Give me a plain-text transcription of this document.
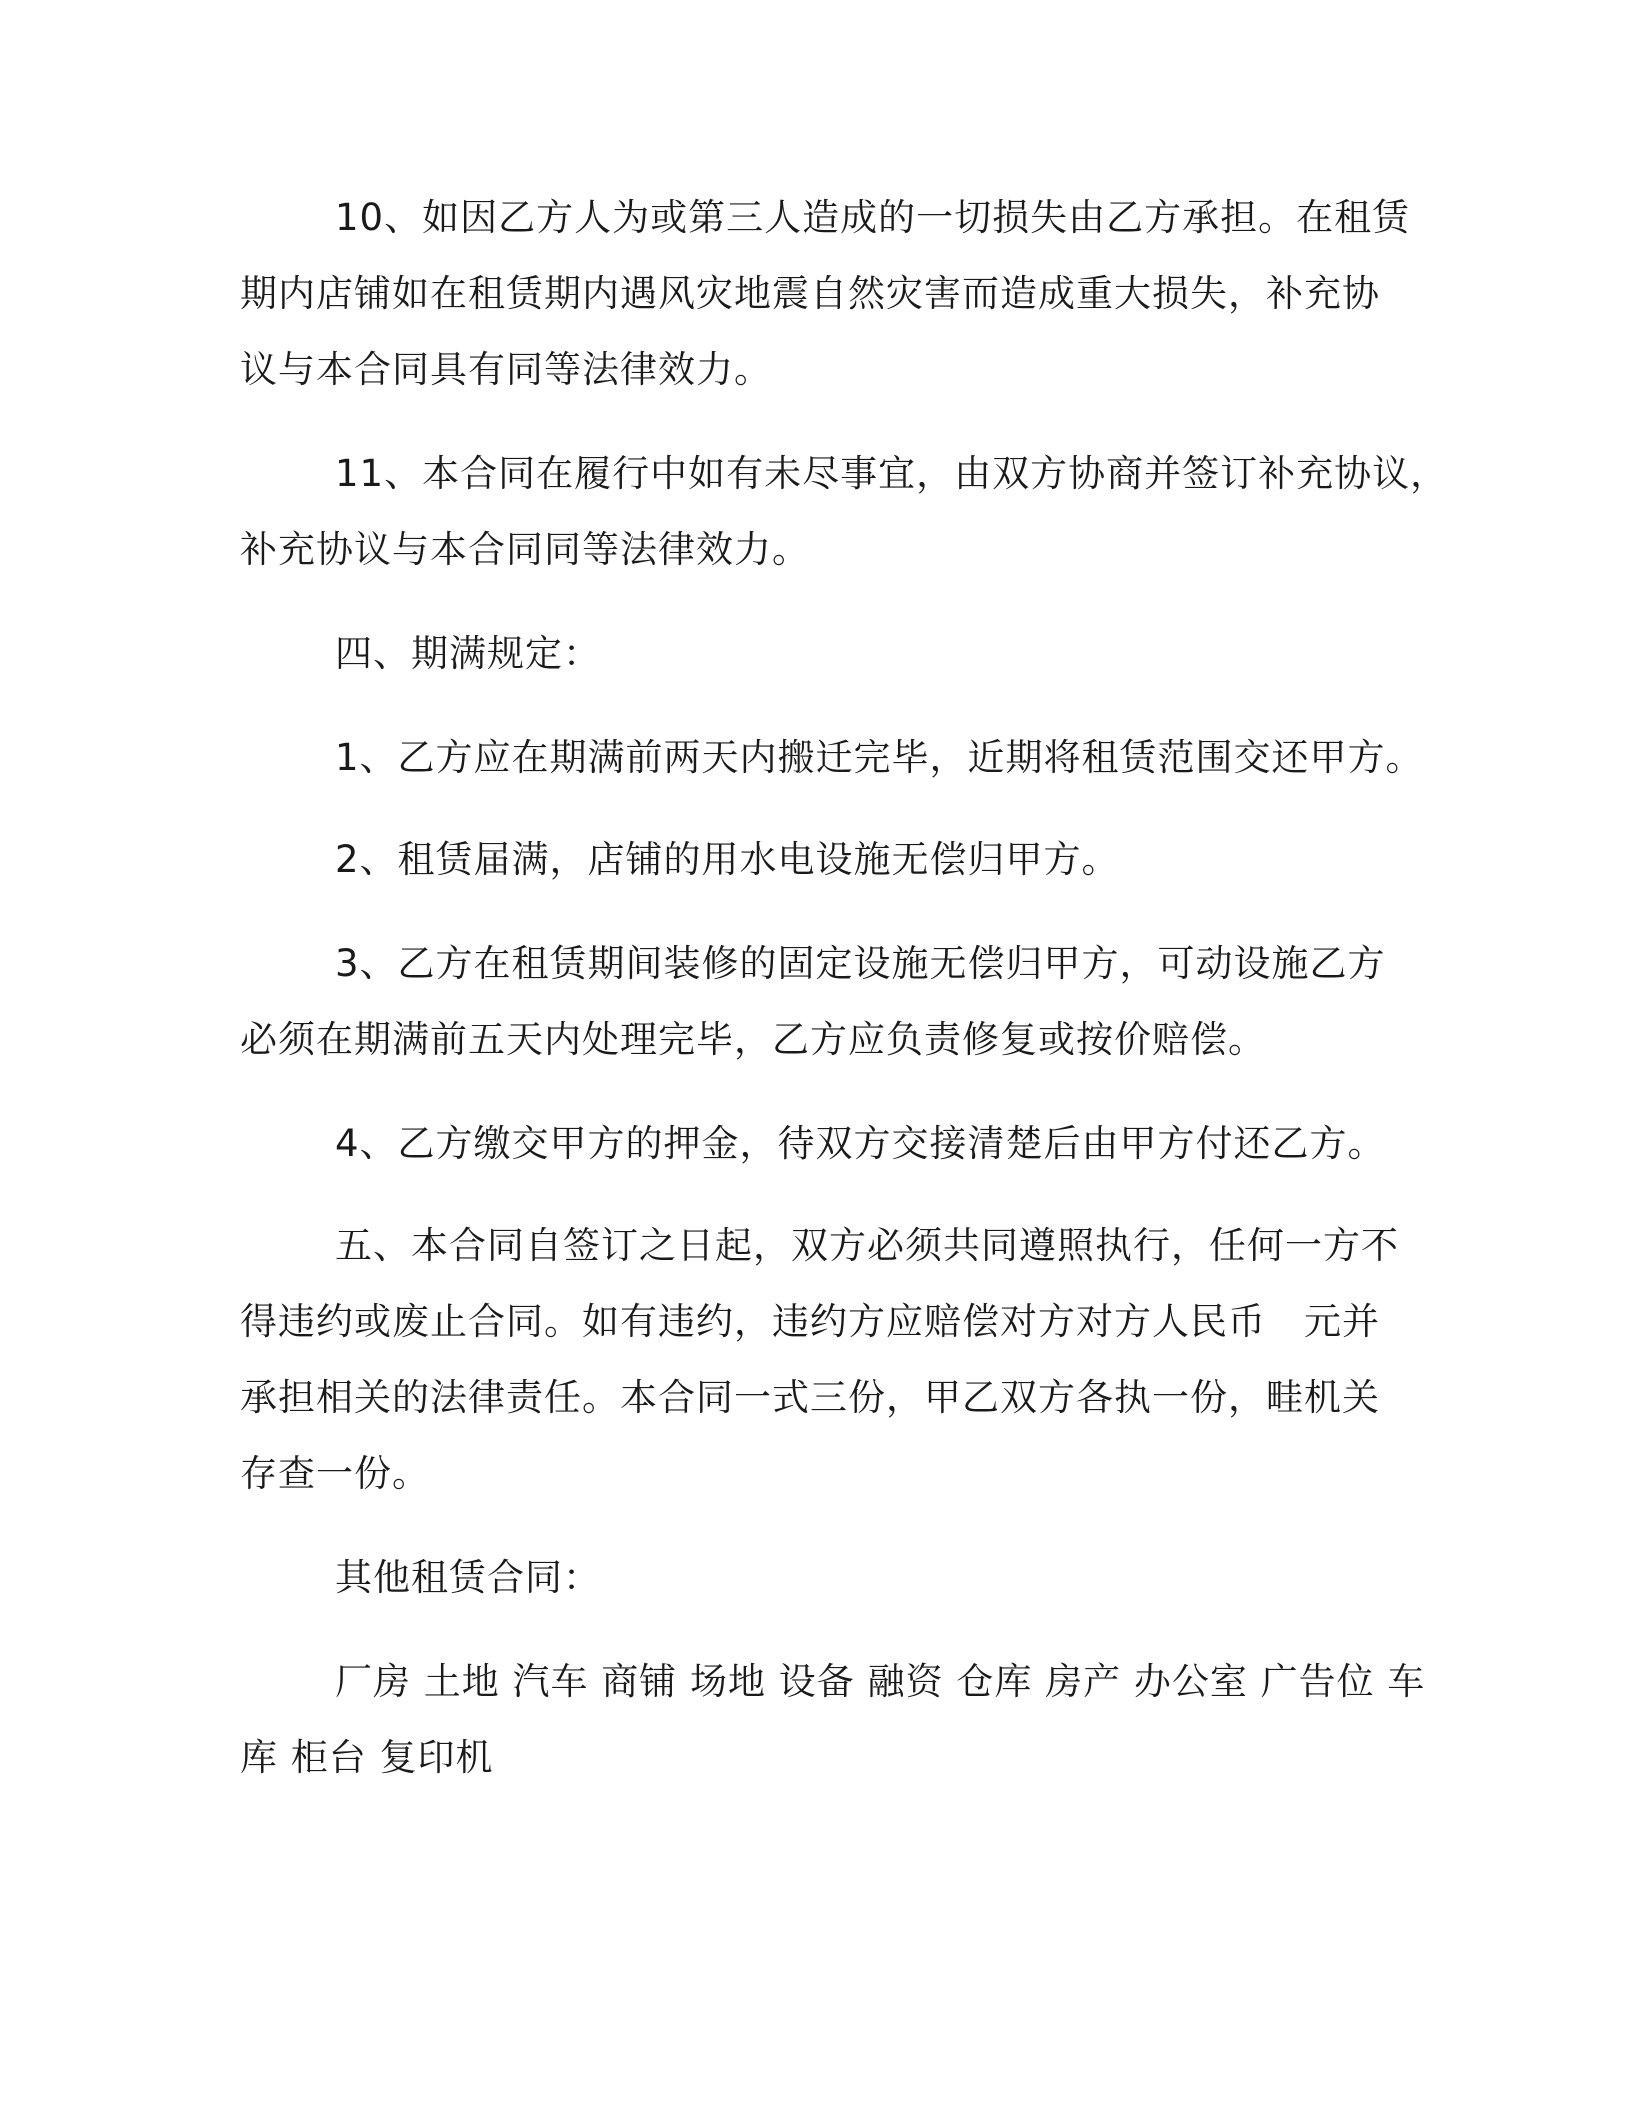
10、如因乙方人为或第三人造成的一切损失由乙方承担。在租赁
期内店铺如在租赁期内遇风灾地震自然灾害而造成重大损失，补充协
议与本合同具有同等法律效力。
11、本合同在履行中如有未尽事宜，由双方协商并签订补充协议，
补充协议与本合同同等法律效力。
四、期满规定：
1、乙方应在期满前两天内搬迁完毕，近期将租赁范围交还甲方。
2、租赁届满，店铺的用水电设施无偿归甲方。
3、乙方在租赁期间装修的固定设施无偿归甲方，可动设施乙方
必须在期满前五天内处理完毕，乙方应负责修复或按价赔偿。
4、乙方缴交甲方的押金，待双方交接清楚后由甲方付还乙方。
五、本合同自签订之日起，双方必须共同遵照执行，任何一方不
得违约或废止合同。如有违约，违约方应赔偿对方对方人民币　元并
承担相关的法律责任。本合同一式三份，甲乙双方各执一份，畦机关
存查一份。
其他租赁合同：
厂房 土地 汽车 商铺 场地 设备 融资 仓库 房产 办公室 广告位 车
库 柜台 复印机
